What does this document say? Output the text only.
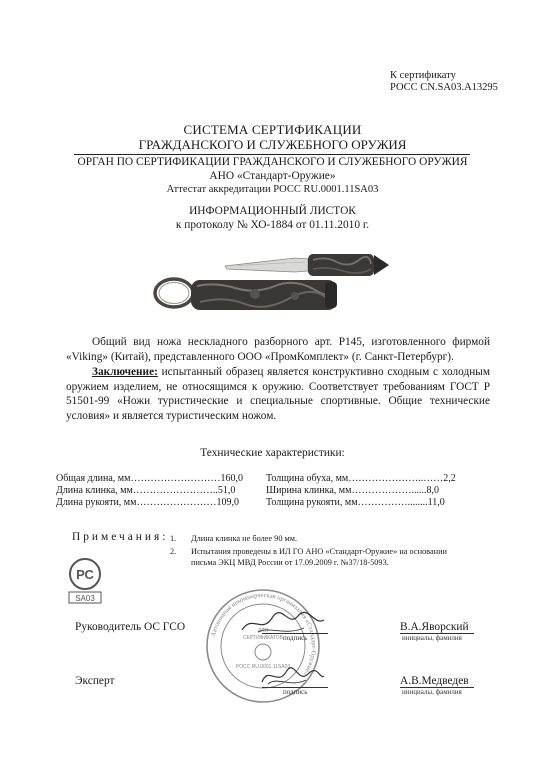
К сертификату
РОСС CN.SA03.A13295
СИСТЕМА СЕРТИФИКАЦИИ
ГРАЖДАНСКОГО И СЛУЖЕБНОГО ОРУЖИЯ
ОРГАН ПО СЕРТИФИКАЦИИ ГРАЖДАНСКОГО И СЛУЖЕБНОГО ОРУЖИЯ
АНО «Стандарт-Оружие»
Аттестат аккредитации РОСС RU.0001.11SA03
ИНФОРМАЦИОННЫЙ ЛИСТОК
к протоколу № ХО-1884 от 01.11.2010 г.
Общий вид ножа нескладного разборного арт. Р145, изготовленного фирмой «Viking» (Китай), представленного ООО «ПромКомплект» (г. Санкт-Петербург).
Заключение: испытанный образец является конструктивно сходным с холодным оружием изделием, не относящимся к оружию. Соответствует требованиям ГОСТ Р 51501-99 «Ножи туристические и специальные спортивные. Общие технические условия» и является туристическим ножом.
Технические характеристики:
Общая длина, мм………………………160,0
Длина клинка, мм……………………..51,0
Длина рукояти, мм……………………109,0
Толщина обуха, мм…………………..……2,2
Ширина клинка, мм………………......8,0
Толщина рукояти, мм……………........11,0
Примечания: 1. Длина клинка не более 90 мм.
2. Испытания проведены в ИЛ ГО АНО «Стандарт-Оружие» на основании
письма ЭКЦ МВД России от 17.09.2009 г. №37/18-5093.
РС
SA03
Автономная некоммерческая организация «Стандарт-Оружие»
ДЛЯ
СЕРТИФИКАТОВ
РОСС RU.0001.11SA03
Руководитель ОС ГСО
подпись
В.А.Яворский
инициалы, фамилия
Эксперт
подпись
А.В.Медведев
инициалы, фамилия
